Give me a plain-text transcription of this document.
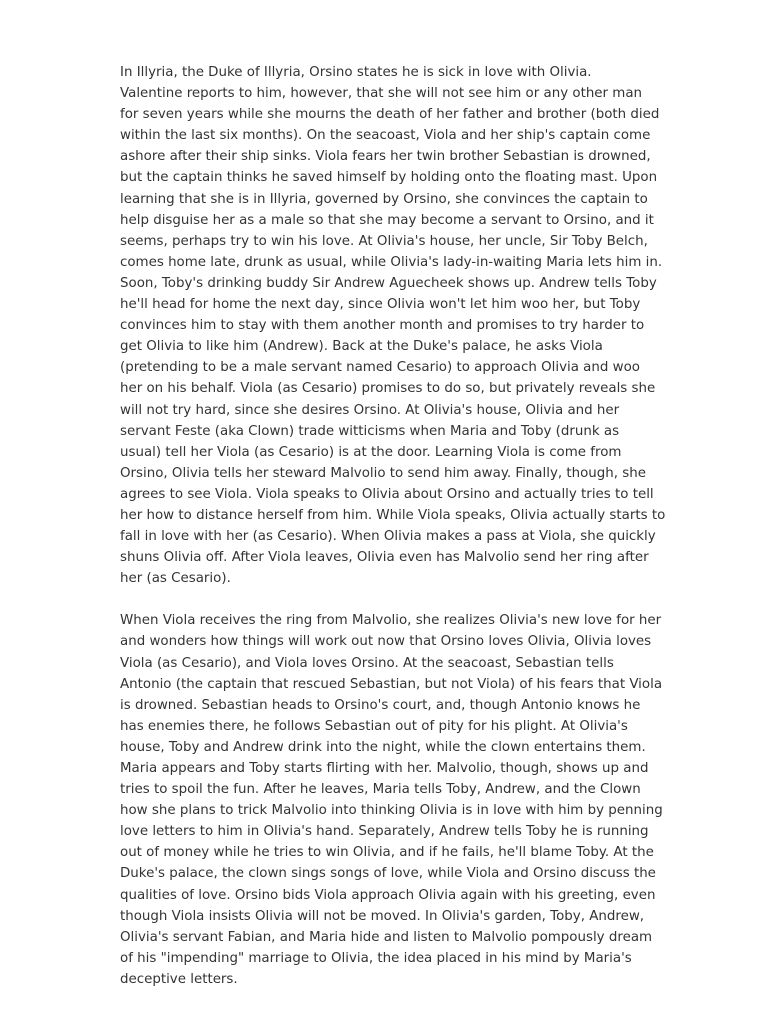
In Illyria, the Duke of Illyria, Orsino states he is sick in love with Olivia.
Valentine reports to him, however, that she will not see him or any other man
for seven years while she mourns the death of her father and brother (both died
within the last six months). On the seacoast, Viola and her ship's captain come
ashore after their ship sinks. Viola fears her twin brother Sebastian is drowned,
but the captain thinks he saved himself by holding onto the floating mast. Upon
learning that she is in Illyria, governed by Orsino, she convinces the captain to
help disguise her as a male so that she may become a servant to Orsino, and it
seems, perhaps try to win his love. At Olivia's house, her uncle, Sir Toby Belch,
comes home late, drunk as usual, while Olivia's lady-in-waiting Maria lets him in.
Soon, Toby's drinking buddy Sir Andrew Aguecheek shows up. Andrew tells Toby
he'll head for home the next day, since Olivia won't let him woo her, but Toby
convinces him to stay with them another month and promises to try harder to
get Olivia to like him (Andrew). Back at the Duke's palace, he asks Viola
(pretending to be a male servant named Cesario) to approach Olivia and woo
her on his behalf. Viola (as Cesario) promises to do so, but privately reveals she
will not try hard, since she desires Orsino. At Olivia's house, Olivia and her
servant Feste (aka Clown) trade witticisms when Maria and Toby (drunk as
usual) tell her Viola (as Cesario) is at the door. Learning Viola is come from
Orsino, Olivia tells her steward Malvolio to send him away. Finally, though, she
agrees to see Viola. Viola speaks to Olivia about Orsino and actually tries to tell
her how to distance herself from him. While Viola speaks, Olivia actually starts to
fall in love with her (as Cesario). When Olivia makes a pass at Viola, she quickly
shuns Olivia off. After Viola leaves, Olivia even has Malvolio send her ring after
her (as Cesario).
When Viola receives the ring from Malvolio, she realizes Olivia's new love for her
and wonders how things will work out now that Orsino loves Olivia, Olivia loves
Viola (as Cesario), and Viola loves Orsino. At the seacoast, Sebastian tells
Antonio (the captain that rescued Sebastian, but not Viola) of his fears that Viola
is drowned. Sebastian heads to Orsino's court, and, though Antonio knows he
has enemies there, he follows Sebastian out of pity for his plight. At Olivia's
house, Toby and Andrew drink into the night, while the clown entertains them.
Maria appears and Toby starts flirting with her. Malvolio, though, shows up and
tries to spoil the fun. After he leaves, Maria tells Toby, Andrew, and the Clown
how she plans to trick Malvolio into thinking Olivia is in love with him by penning
love letters to him in Olivia's hand. Separately, Andrew tells Toby he is running
out of money while he tries to win Olivia, and if he fails, he'll blame Toby. At the
Duke's palace, the clown sings songs of love, while Viola and Orsino discuss the
qualities of love. Orsino bids Viola approach Olivia again with his greeting, even
though Viola insists Olivia will not be moved. In Olivia's garden, Toby, Andrew,
Olivia's servant Fabian, and Maria hide and listen to Malvolio pompously dream
of his "impending" marriage to Olivia, the idea placed in his mind by Maria's
deceptive letters.
